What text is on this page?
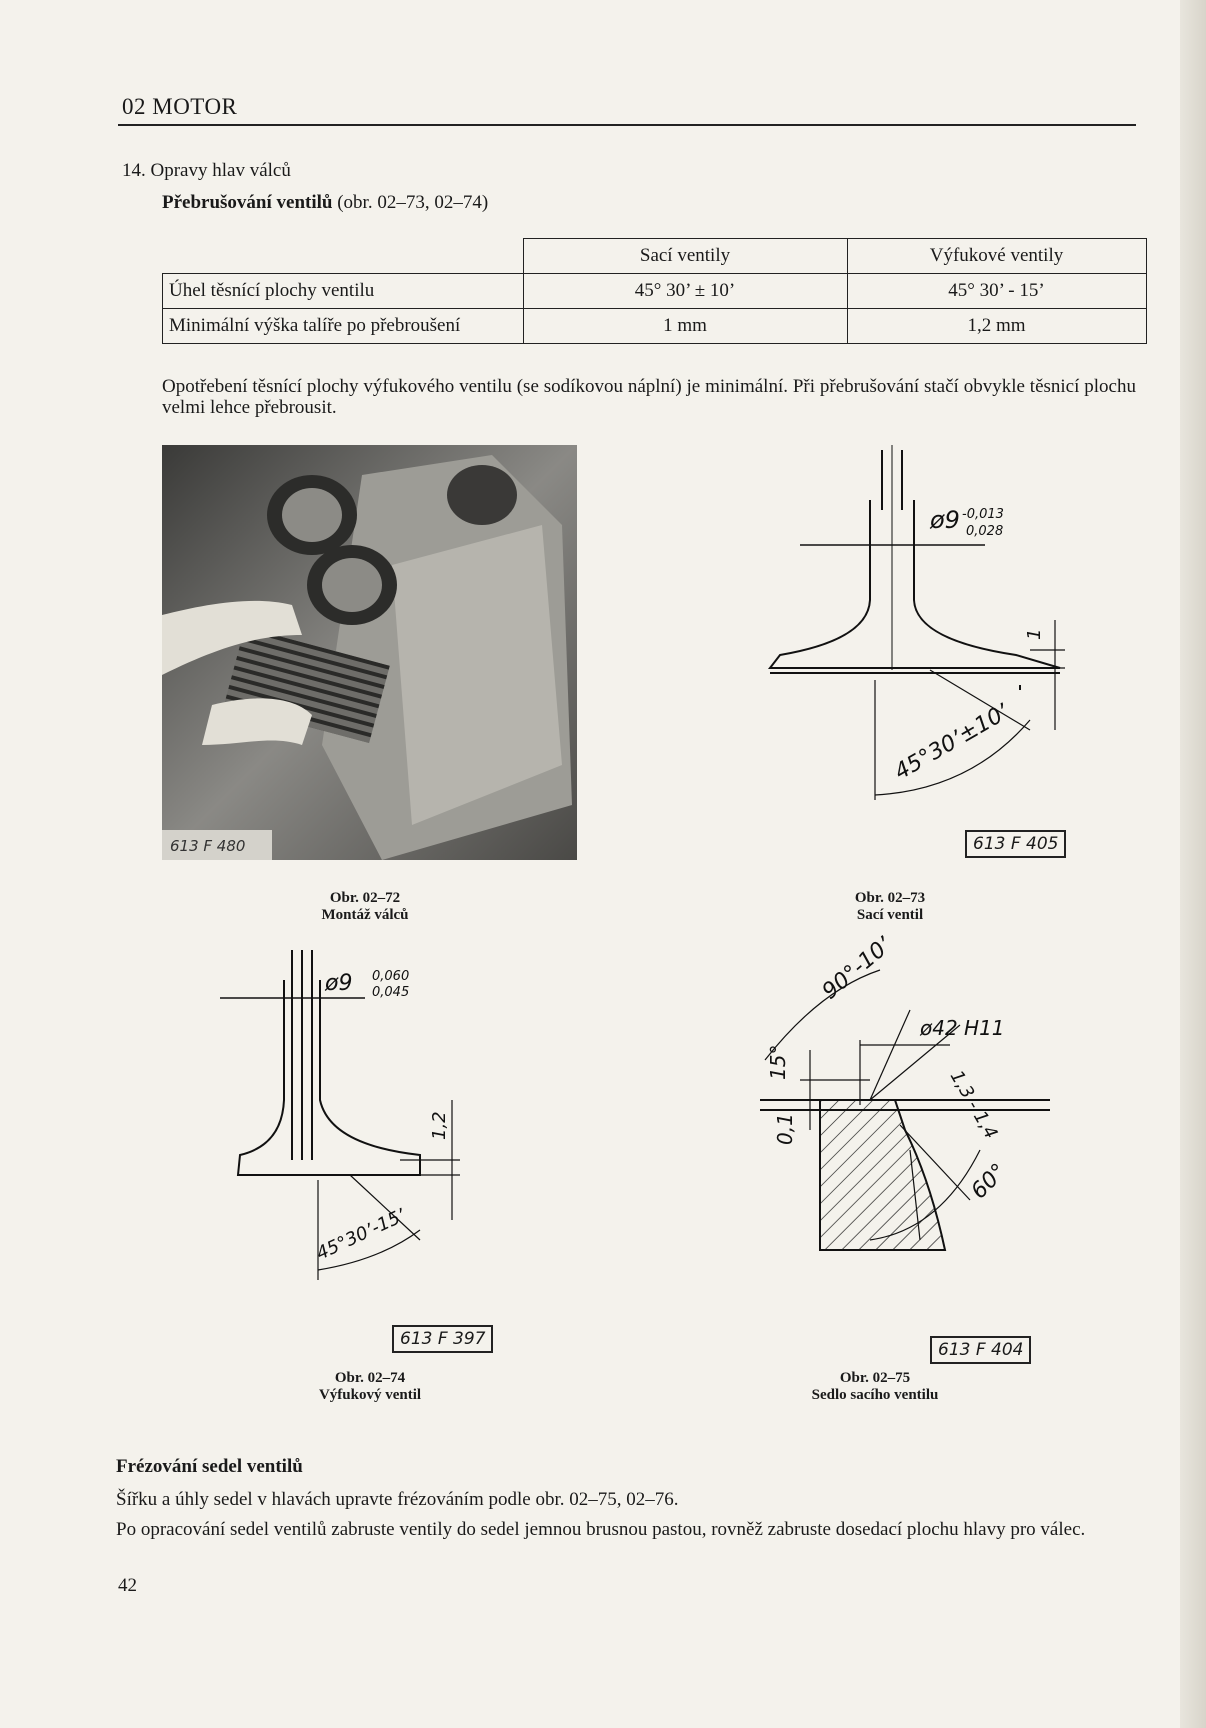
02 MOTOR
14. Opravy hlav válců
Přebrušování ventilů (obr. 02–73, 02–74)
	Sací ventily	Výfukové ventily
Úhel těsnící plochy ventilu	45° 30’ ± 10’	45° 30’ - 15’
Minimální výška talíře po přebroušení	1 mm	1,2 mm
Opotřebení těsnící plochy výfukového ventilu (se sodíkovou náplní) je minimální. Při přebrušování stačí obvykle těsnicí plochu velmi lehce přebrousit.
613 F 480
Obr. 02–72
Montáž válců
ø9 -0,013
0,028
1
45°30’±10’
613 F 405
Obr. 02–73
Sací ventil
ø9 0,060
0,045
1,2
45°30’-15’
613 F 397
Obr. 02–74
Výfukový ventil
90°-10’
ø42 H11
15°
0,1	1,3 - 1,4
60°
613 F 404
Obr. 02–75
Sedlo sacího ventilu
Frézování sedel ventilů
Šířku a úhly sedel v hlavách upravte frézováním podle obr. 02–75, 02–76.
Po opracování sedel ventilů zabruste ventily do sedel jemnou brusnou pastou, rovněž zabruste dosedací plochu hlavy pro válec.
42
